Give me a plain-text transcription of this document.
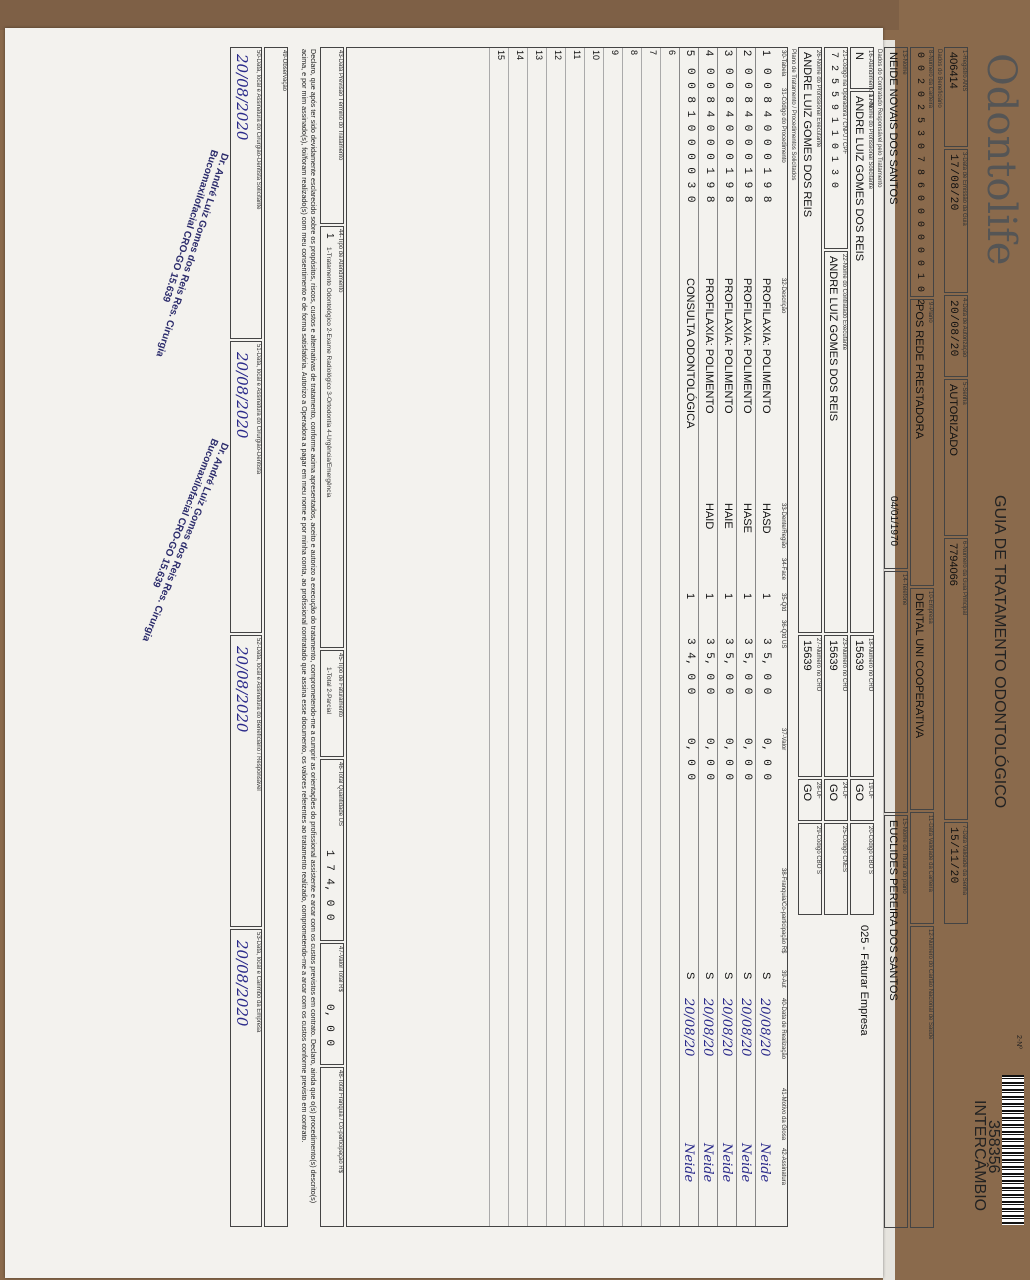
Odontolife
GUIA DE TRATAMENTO ODONTOLÓGICO
2-Nº
358356
INTERCÂMBIO
1-Registro ANS
406414
3-Data de Emissão da Guia
17/08/20
4-Data de Autorização
20/08/20
5-Senha
AUTORIZADO
6-Número da Guia Principal
7794066
7-Data Validade da Senha
15/11/20
Dados do Beneficiário
8-Número da Carteira
0 0 2 0 2 5 3 0 7 8 6 0 0 0 0 0 0 1 0 2
9-Plano
POS REDE PRESTADORA
10-Empresa
DENTAL UNI COOPERATIVA
11-Data Validade da Carteira
12-Número do Cartão Nacional de Saúde
13-Nome
NEIDE NOVAIS DOS SANTOS
04/01/1970
14-Telefone
15-Nome do Titular do plano
EUCLIDES PEREIRA DOS SANTOS
Dados do Contratado Responsável pelo Tratamento
16-Atendimento a RN
N
17-Nome do Profissional Solicitante
ANDRE LUIZ GOMES DOS REIS
18-Número no CRO
15639
19-UF
GO
20-Código CBO S
025 - Faturar Empresa
21-Código na Operadora / CNPJ / CPF
7 2 5 5 9 1 1 0 1 3 0
22-Nome do Contratado Executante
ANDRE LUIZ GOMES DOS REIS
23-Número no CRO
15639
24-UF
GO
25-Código CNES
26-Nome do Profissional Executante
ANDRE LUIZ GOMES DOS REIS
27-Número no CRO
15639
28-UF
GO
29-Código CBO S
Plano de Tratamento / Procedimentos Solicitados
30-Tabela
31-Código do Procedimento
32-Descrição
33-Dente/Região
34-Face
35-Qtd
36-Qtd US
37-Valor
38-Franquia/Co-participação R$
39-Aut
40-Data de Realização
41-Motivo da Glosa
42-Assinatura
1
0 0 8 4 0 0 0 1 9 8
PROFILAXIA: POLIMENTO
HASD
1
3 5, 0 0
0, 0 0
S
20/08/20
Neide
2
0 0 8 4 0 0 0 1 9 8
PROFILAXIA: POLIMENTO
HASE
1
3 5, 0 0
0, 0 0
S
20/08/20
Neide
3
0 0 8 4 0 0 0 1 9 8
PROFILAXIA: POLIMENTO
HAIE
1
3 5, 0 0
0, 0 0
S
20/08/20
Neide
4
0 0 8 4 0 0 0 1 9 8
PROFILAXIA: POLIMENTO
HAID
1
3 5, 0 0
0, 0 0
S
20/08/20
Neide
5
0 0 8 1 0 0 0 0 3 0
CONSULTA ODONTOLÓGICA
1
3 4, 0 0
0, 0 0
S
20/08/20
Neide
6
7
8
9
10
11
12
13
14
15
43-Data Previsão Término do Tratamento
44-Tipo de Atendimento
1
1-Tratamento Odontológico 2-Exame Radiológico 3-Ortodontia 4-Urgência/Emergência
45-Tipo de Faturamento
1-Total 2-Parcial
46-Total Quantidade US
1 7 4, 0 0
47-Valor Total R$
0, 0 0
48-Total Franquia / Co-participação R$
Declaro, que após ter sido devidamente esclarecido sobre os propósitos, riscos, custos e alternativas de tratamento, conforme acima apresentados, aceito e autorizo a execução do tratamento, comprometendo-me a cumprir as orientações do profissional assistente e arcar com os custos previstos em contrato. Declaro, ainda que o(s) procedimento(s) descrito(s) acima, e por mim assinado(s), foi/foram realizado(s) com meu consentimento e de forma satisfatória. Autorizo a Operadora a pagar em meu nome e por minha conta, ao profissional contratado que assina esse documento, os valores referentes ao tratamento realizado, comprometendo-me a arcar com os custos conforme previsto em contrato.
49-Observação
50-Data, local e Assinatura do Cirurgião-Dentista Solicitante
20/08/2020
51-Data, local e Assinatura do Cirurgião-Dentista
20/08/2020
52-Data, local e Assinatura do Beneficiário / Responsável
20/08/2020
53-Data, local e Carimbo da Empresa
20/08/2020
Dr. André Luiz Gomes dos Reis Res. Cirurgia Bucomaxilofacial CRO-GO 15.639
Dr. André Luiz Gomes dos Reis Res. Cirurgia Bucomaxilofacial CRO-GO 15.639
